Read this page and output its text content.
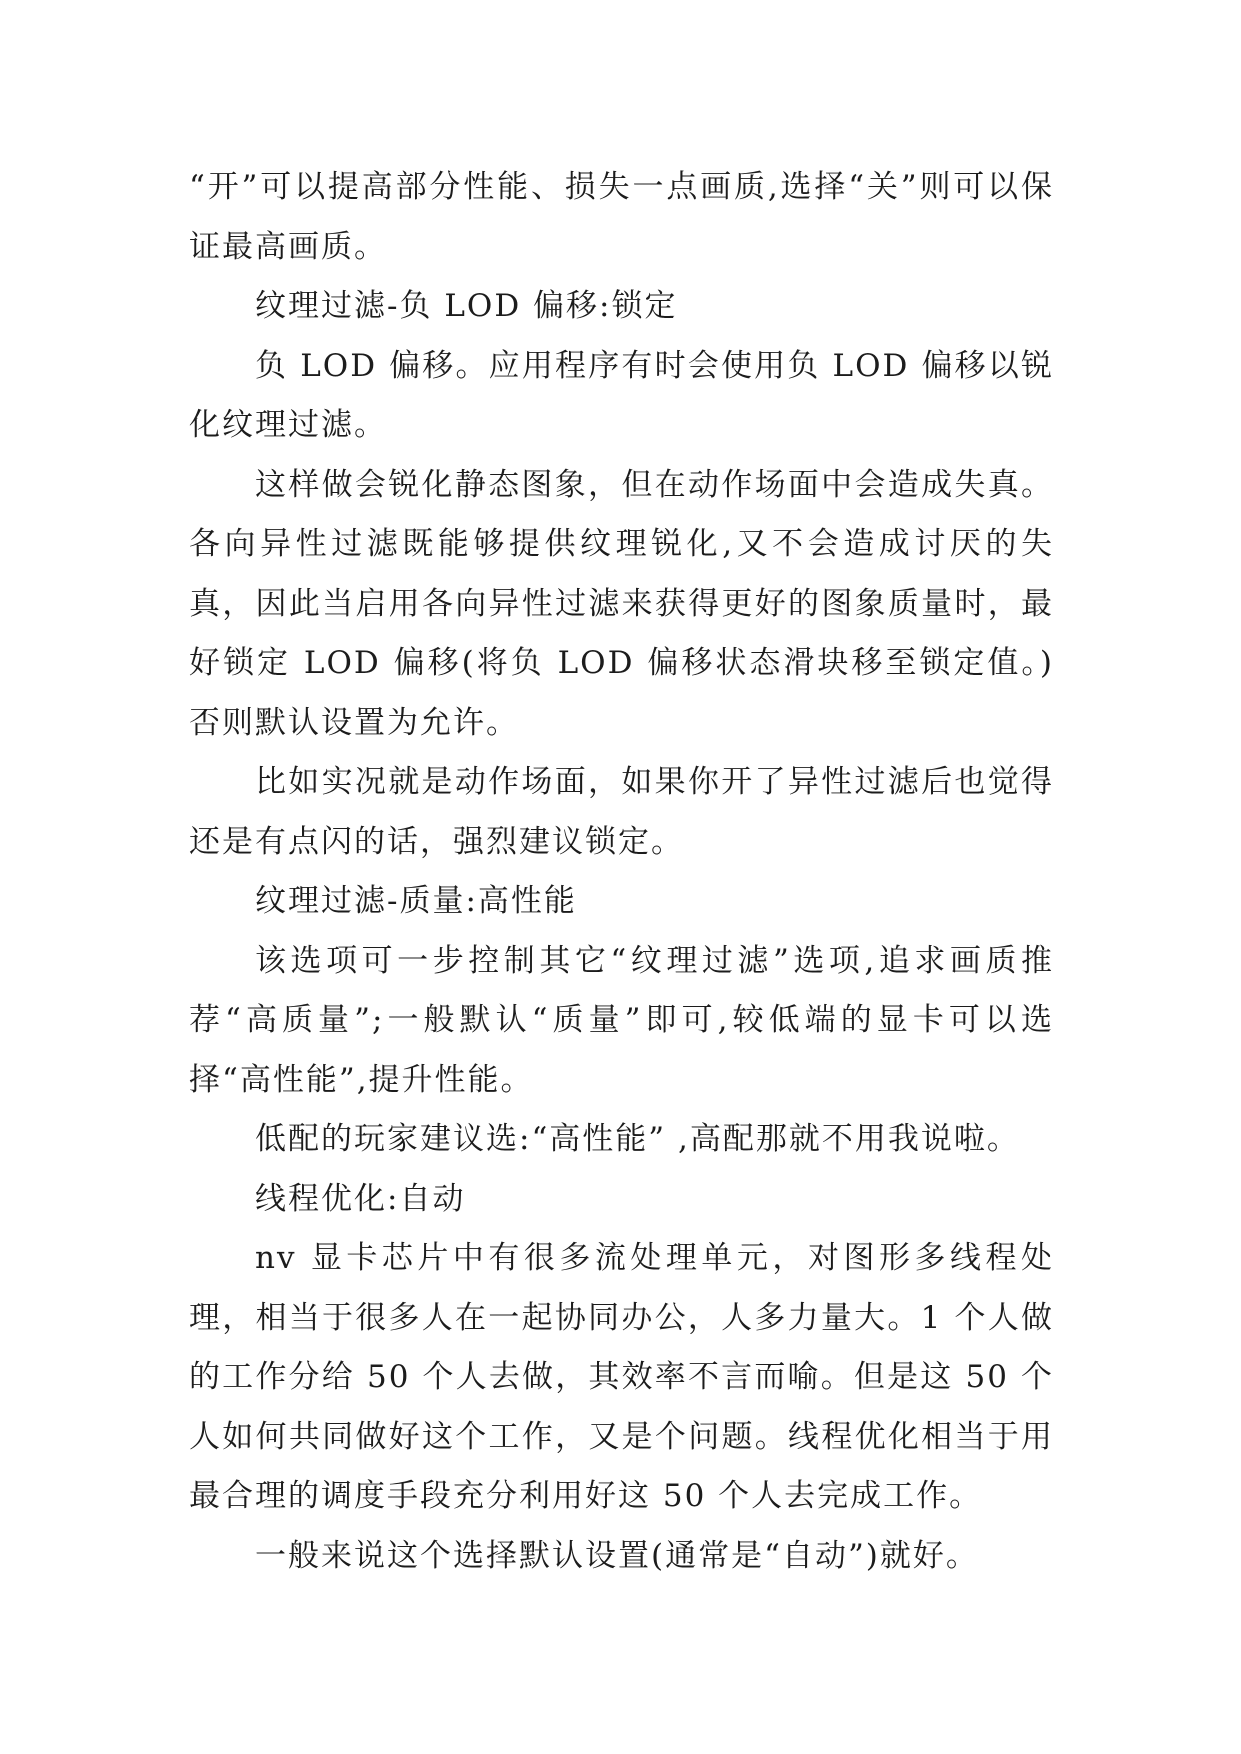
“开”可以提高部分性能、损失一点画质,选择“关”则可以保证最高画质。

纹理过滤-负 LOD 偏移:锁定

负 LOD 偏移。应用程序有时会使用负 LOD 偏移以锐化纹理过滤。

这样做会锐化静态图象，但在动作场面中会造成失真。各向异性过滤既能够提供纹理锐化,又不会造成讨厌的失真，因此当启用各向异性过滤来获得更好的图象质量时，最好锁定 LOD 偏移(将负 LOD 偏移状态滑块移至锁定值。)否则默认设置为允许。

比如实况就是动作场面，如果你开了异性过滤后也觉得还是有点闪的话，强烈建议锁定。

纹理过滤-质量:高性能

该选项可一步控制其它“纹理过滤”选项,追求画质推荐“高质量”;一般默认“质量”即可,较低端的显卡可以选择“高性能”,提升性能。

低配的玩家建议选:“高性能” ,高配那就不用我说啦。

线程优化:自动

nv 显卡芯片中有很多流处理单元，对图形多线程处理，相当于很多人在一起协同办公，人多力量大。1 个人做的工作分给 50 个人去做，其效率不言而喻。但是这 50 个人如何共同做好这个工作，又是个问题。线程优化相当于用最合理的调度手段充分利用好这 50 个人去完成工作。

一般来说这个选择默认设置(通常是“自动”)就好。
